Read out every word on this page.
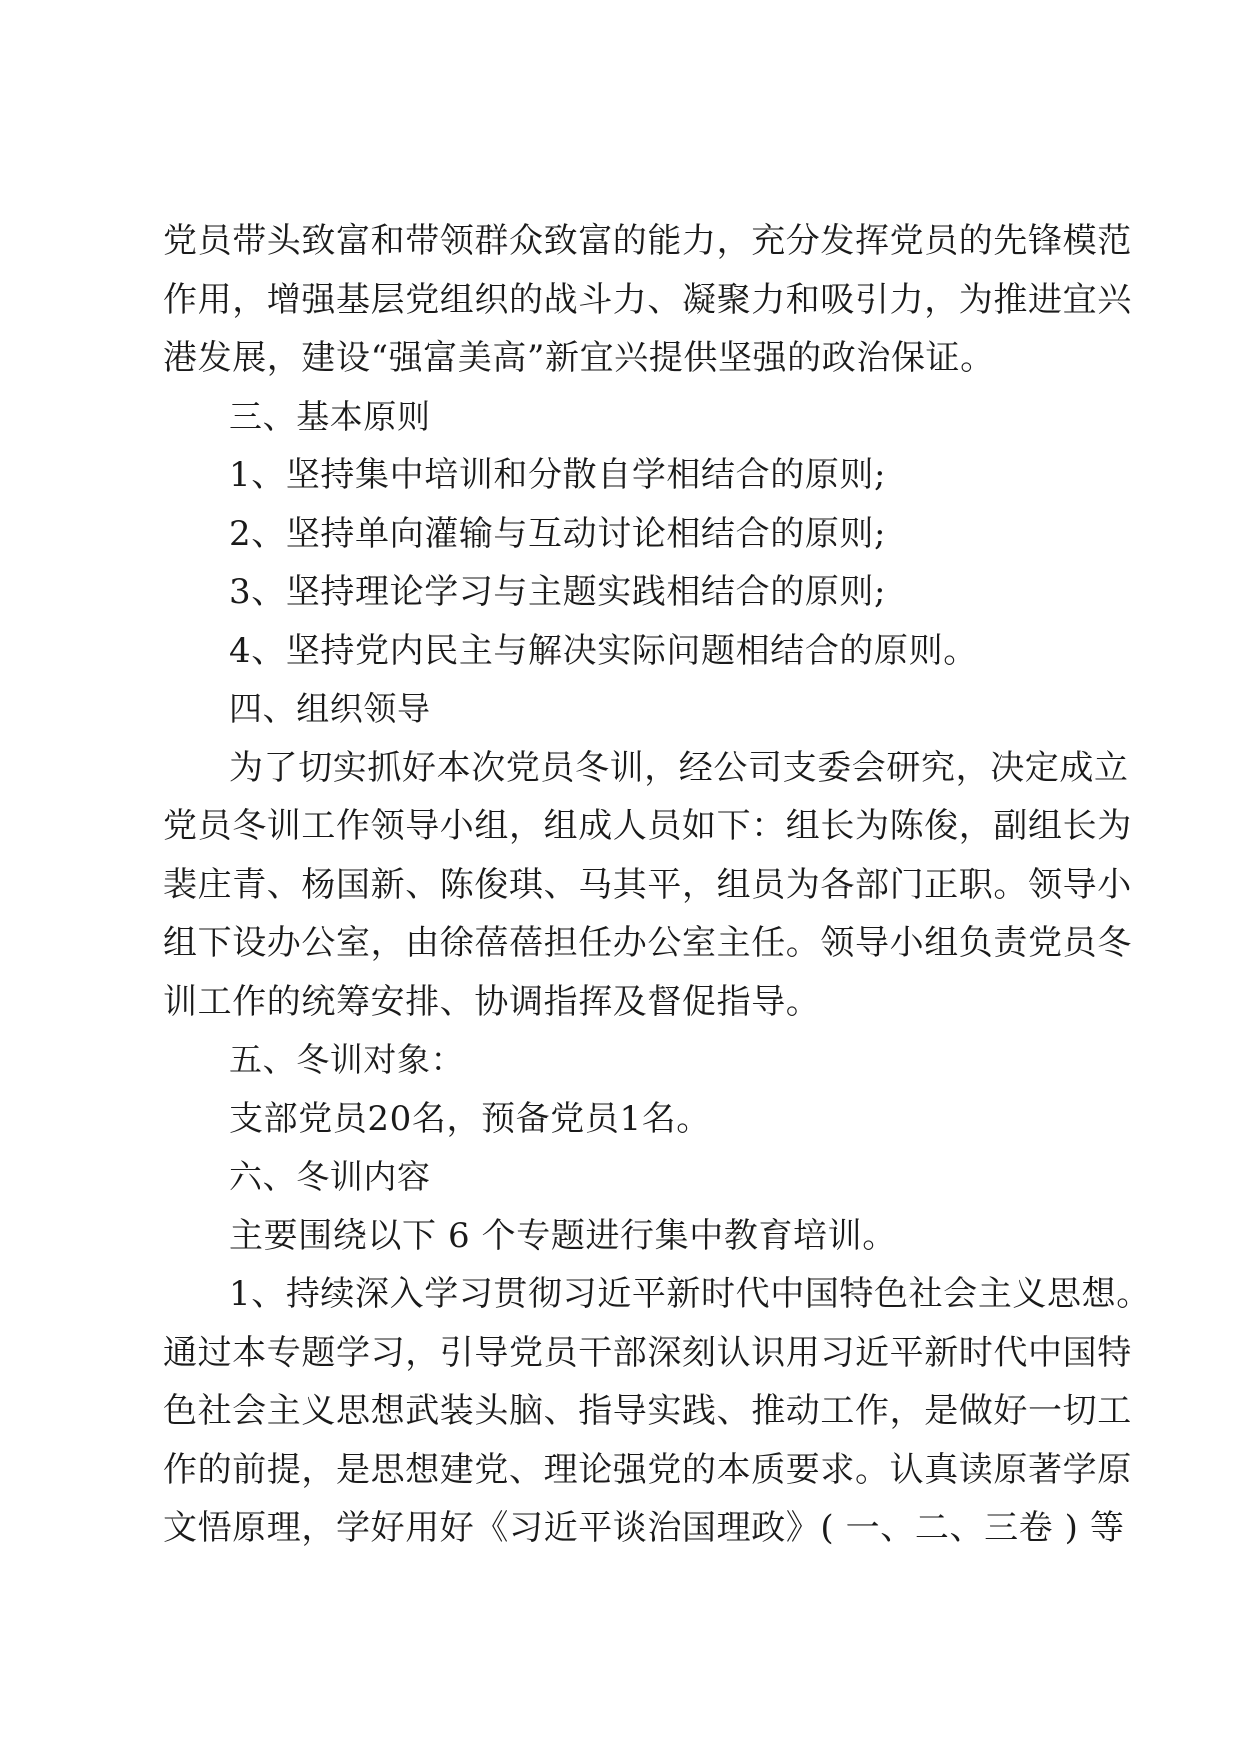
党员带头致富和带领群众致富的能力，充分发挥党员的先锋模范
作用，增强基层党组织的战斗力、凝聚力和吸引力，为推进宜兴
港发展，建设“强富美高”新宜兴提供坚强的政治保证。
三、基本原则
1、坚持集中培训和分散自学相结合的原则;
2、坚持单向灌输与互动讨论相结合的原则;
3、坚持理论学习与主题实践相结合的原则;
4、坚持党内民主与解决实际问题相结合的原则。
四、组织领导
为了切实抓好本次党员冬训，经公司支委会研究，决定成立
党员冬训工作领导小组，组成人员如下：组长为陈俊，副组长为
裴庄青、杨国新、陈俊琪、马其平，组员为各部门正职。领导小
组下设办公室，由徐蓓蓓担任办公室主任。领导小组负责党员冬
训工作的统筹安排、协调指挥及督促指导。
五、冬训对象：
支部党员20名，预备党员1名。
六、冬训内容
主要围绕以下 6 个专题进行集中教育培训。
1、持续深入学习贯彻习近平新时代中国特色社会主义思想。
通过本专题学习，引导党员干部深刻认识用习近平新时代中国特
色社会主义思想武装头脑、指导实践、推动工作，是做好一切工
作的前提，是思想建党、理论强党的本质要求。认真读原著学原
文悟原理，学好用好《习近平谈治国理政》( 一、二、三卷 ) 等
